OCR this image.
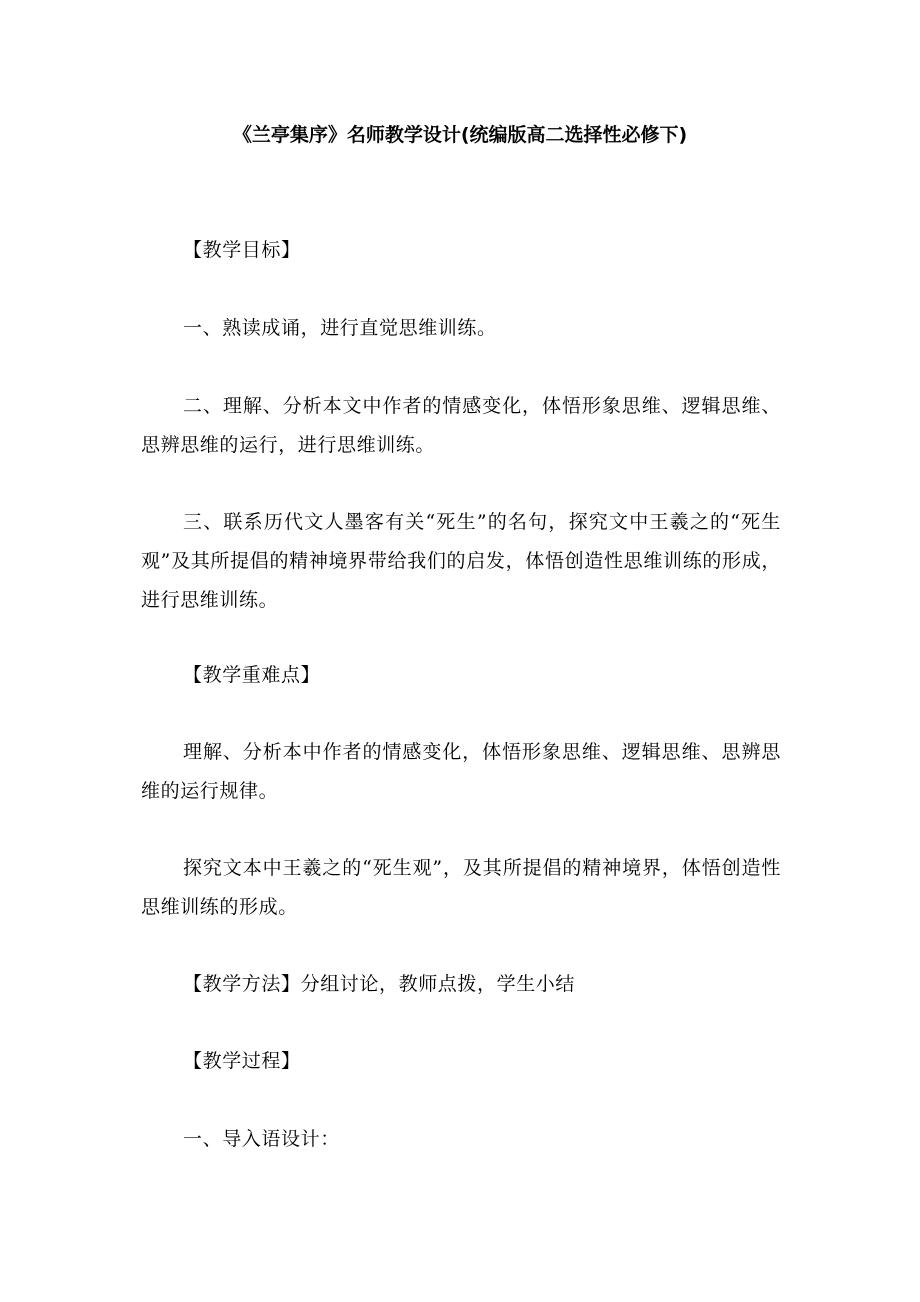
《兰亭集序》名师教学设计(统编版高二选择性必修下)

【教学目标】

一、熟读成诵，进行直觉思维训练。

二、理解、分析本文中作者的情感变化，体悟形象思维、逻辑思维、思辨思维的运行，进行思维训练。

三、联系历代文人墨客有关“死生”的名句，探究文中王羲之的“死生观”及其所提倡的精神境界带给我们的启发，体悟创造性思维训练的形成，进行思维训练。

【教学重难点】

理解、分析本中作者的情感变化，体悟形象思维、逻辑思维、思辨思维的运行规律。

探究文本中王羲之的“死生观”，及其所提倡的精神境界，体悟创造性思维训练的形成。

【教学方法】分组讨论，教师点拨，学生小结

【教学过程】

一、导入语设计：
